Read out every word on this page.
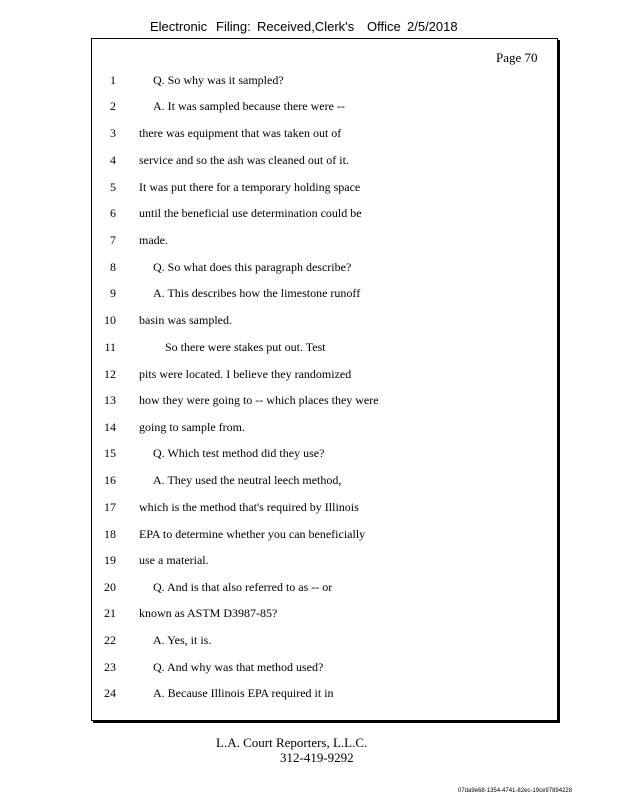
Electronic Filing: Received,Clerk's Office 2/5/2018
Page 70
1	Q. So why was it sampled?
2	A. It was sampled because there were --
3 there was equipment that was taken out of
4 service and so the ash was cleaned out of it.
5 It was put there for a temporary holding space
6 until the beneficial use determination could be
7 made.
8	Q. So what does this paragraph describe?
9	A. This describes how the limestone runoff
10 basin was sampled.
11	So there were stakes put out. Test
12 pits were located. I believe they randomized
13 how they were going to -- which places they were
14 going to sample from.
15	Q. Which test method did they use?
16	A. They used the neutral leech method,
17 which is the method that's required by Illinois
18 EPA to determine whether you can beneficially
19 use a material.
20	Q. And is that also referred to as -- or
21 known as ASTM D3987-85?
22	A. Yes, it is.
23	Q. And why was that method used?
24	A. Because Illinois EPA required it in
L.A. Court Reporters, L.L.C.
312-419-9292
07da9e68-1354-4741-82ec-19ce97894228
